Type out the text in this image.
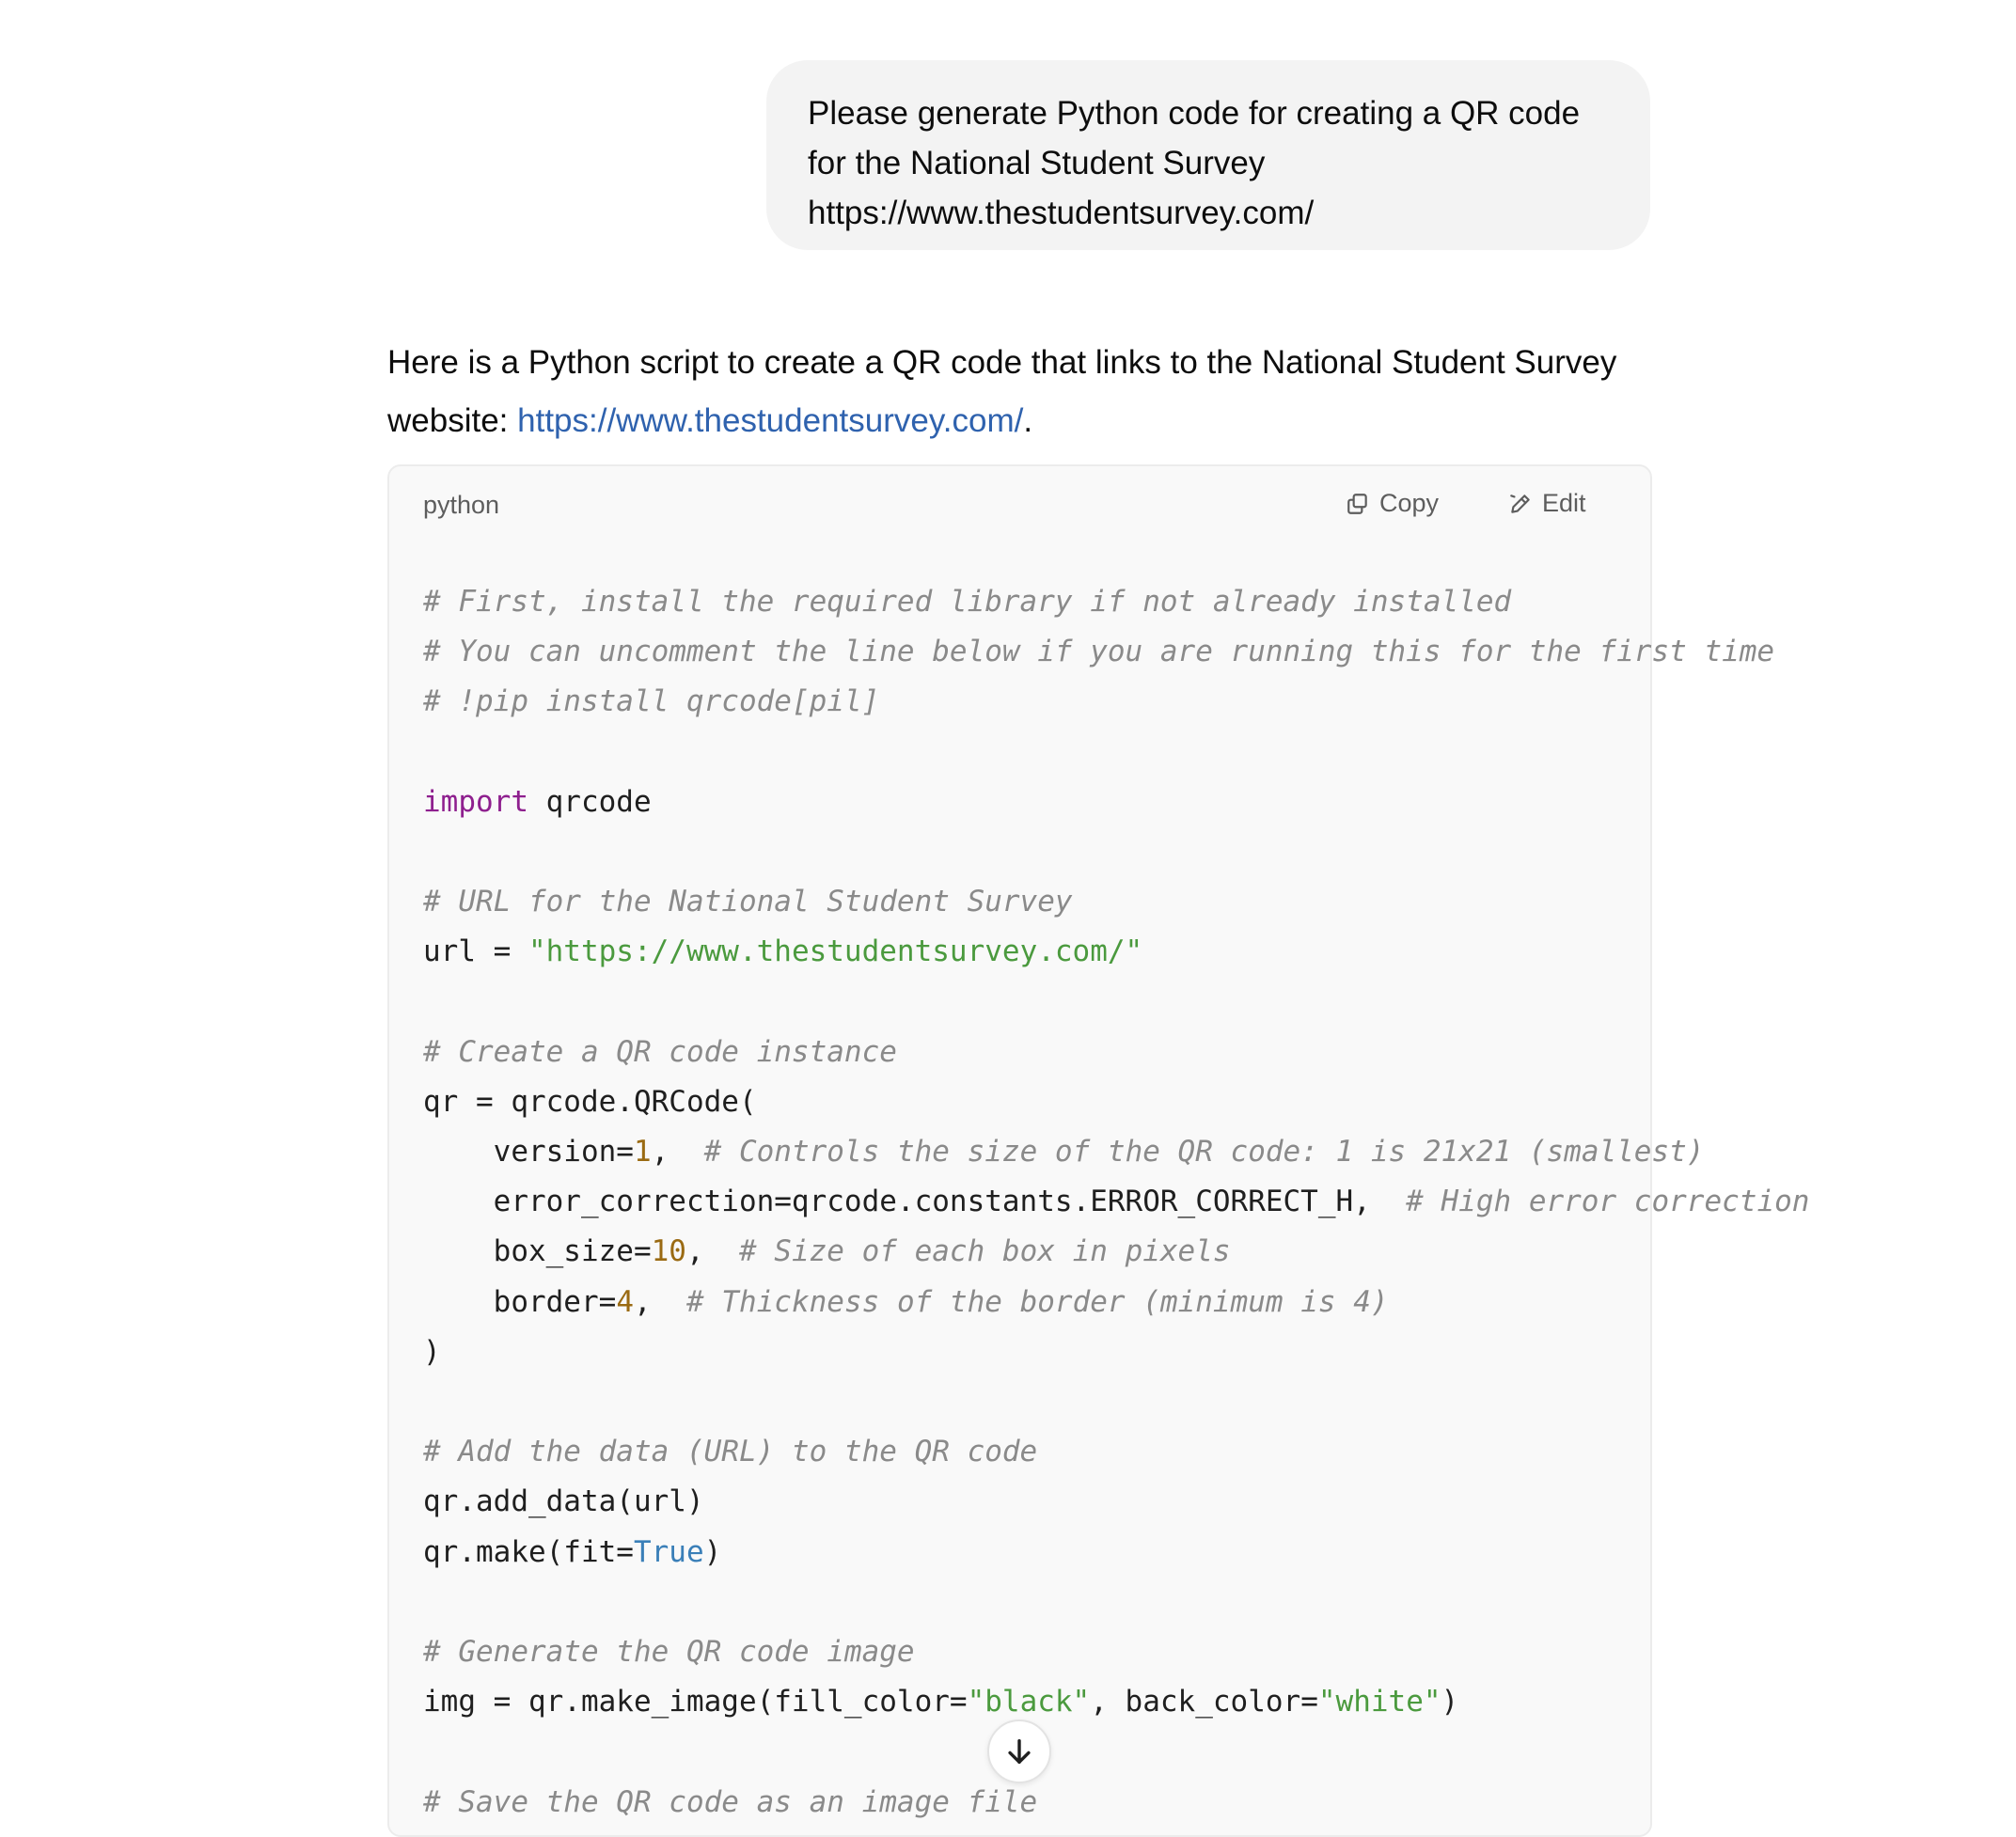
Please generate Python code for creating a QR code
for the National Student Survey
https://www.thestudentsurvey.com/
Here is a Python script to create a QR code that links to the National Student Survey website: https://www.thestudentsurvey.com/.
python	Copy	Edit
# First, install the required library if not already installed
# You can uncomment the line below if you are running this for the first time
# !pip install qrcode[pil]

import qrcode

# URL for the National Student Survey
url = "https://www.thestudentsurvey.com/"

# Create a QR code instance
qr = qrcode.QRCode(
version=1,  # Controls the size of the QR code: 1 is 21x21 (smallest)
error_correction=qrcode.constants.ERROR_CORRECT_H,  # High error correction
box_size=10,  # Size of each box in pixels
border=4,  # Thickness of the border (minimum is 4)
)

# Add the data (URL) to the QR code
qr.add_data(url)
qr.make(fit=True)

# Generate the QR code image
img = qr.make_image(fill_color="black", back_color="white")

# Save the QR code as an image file
